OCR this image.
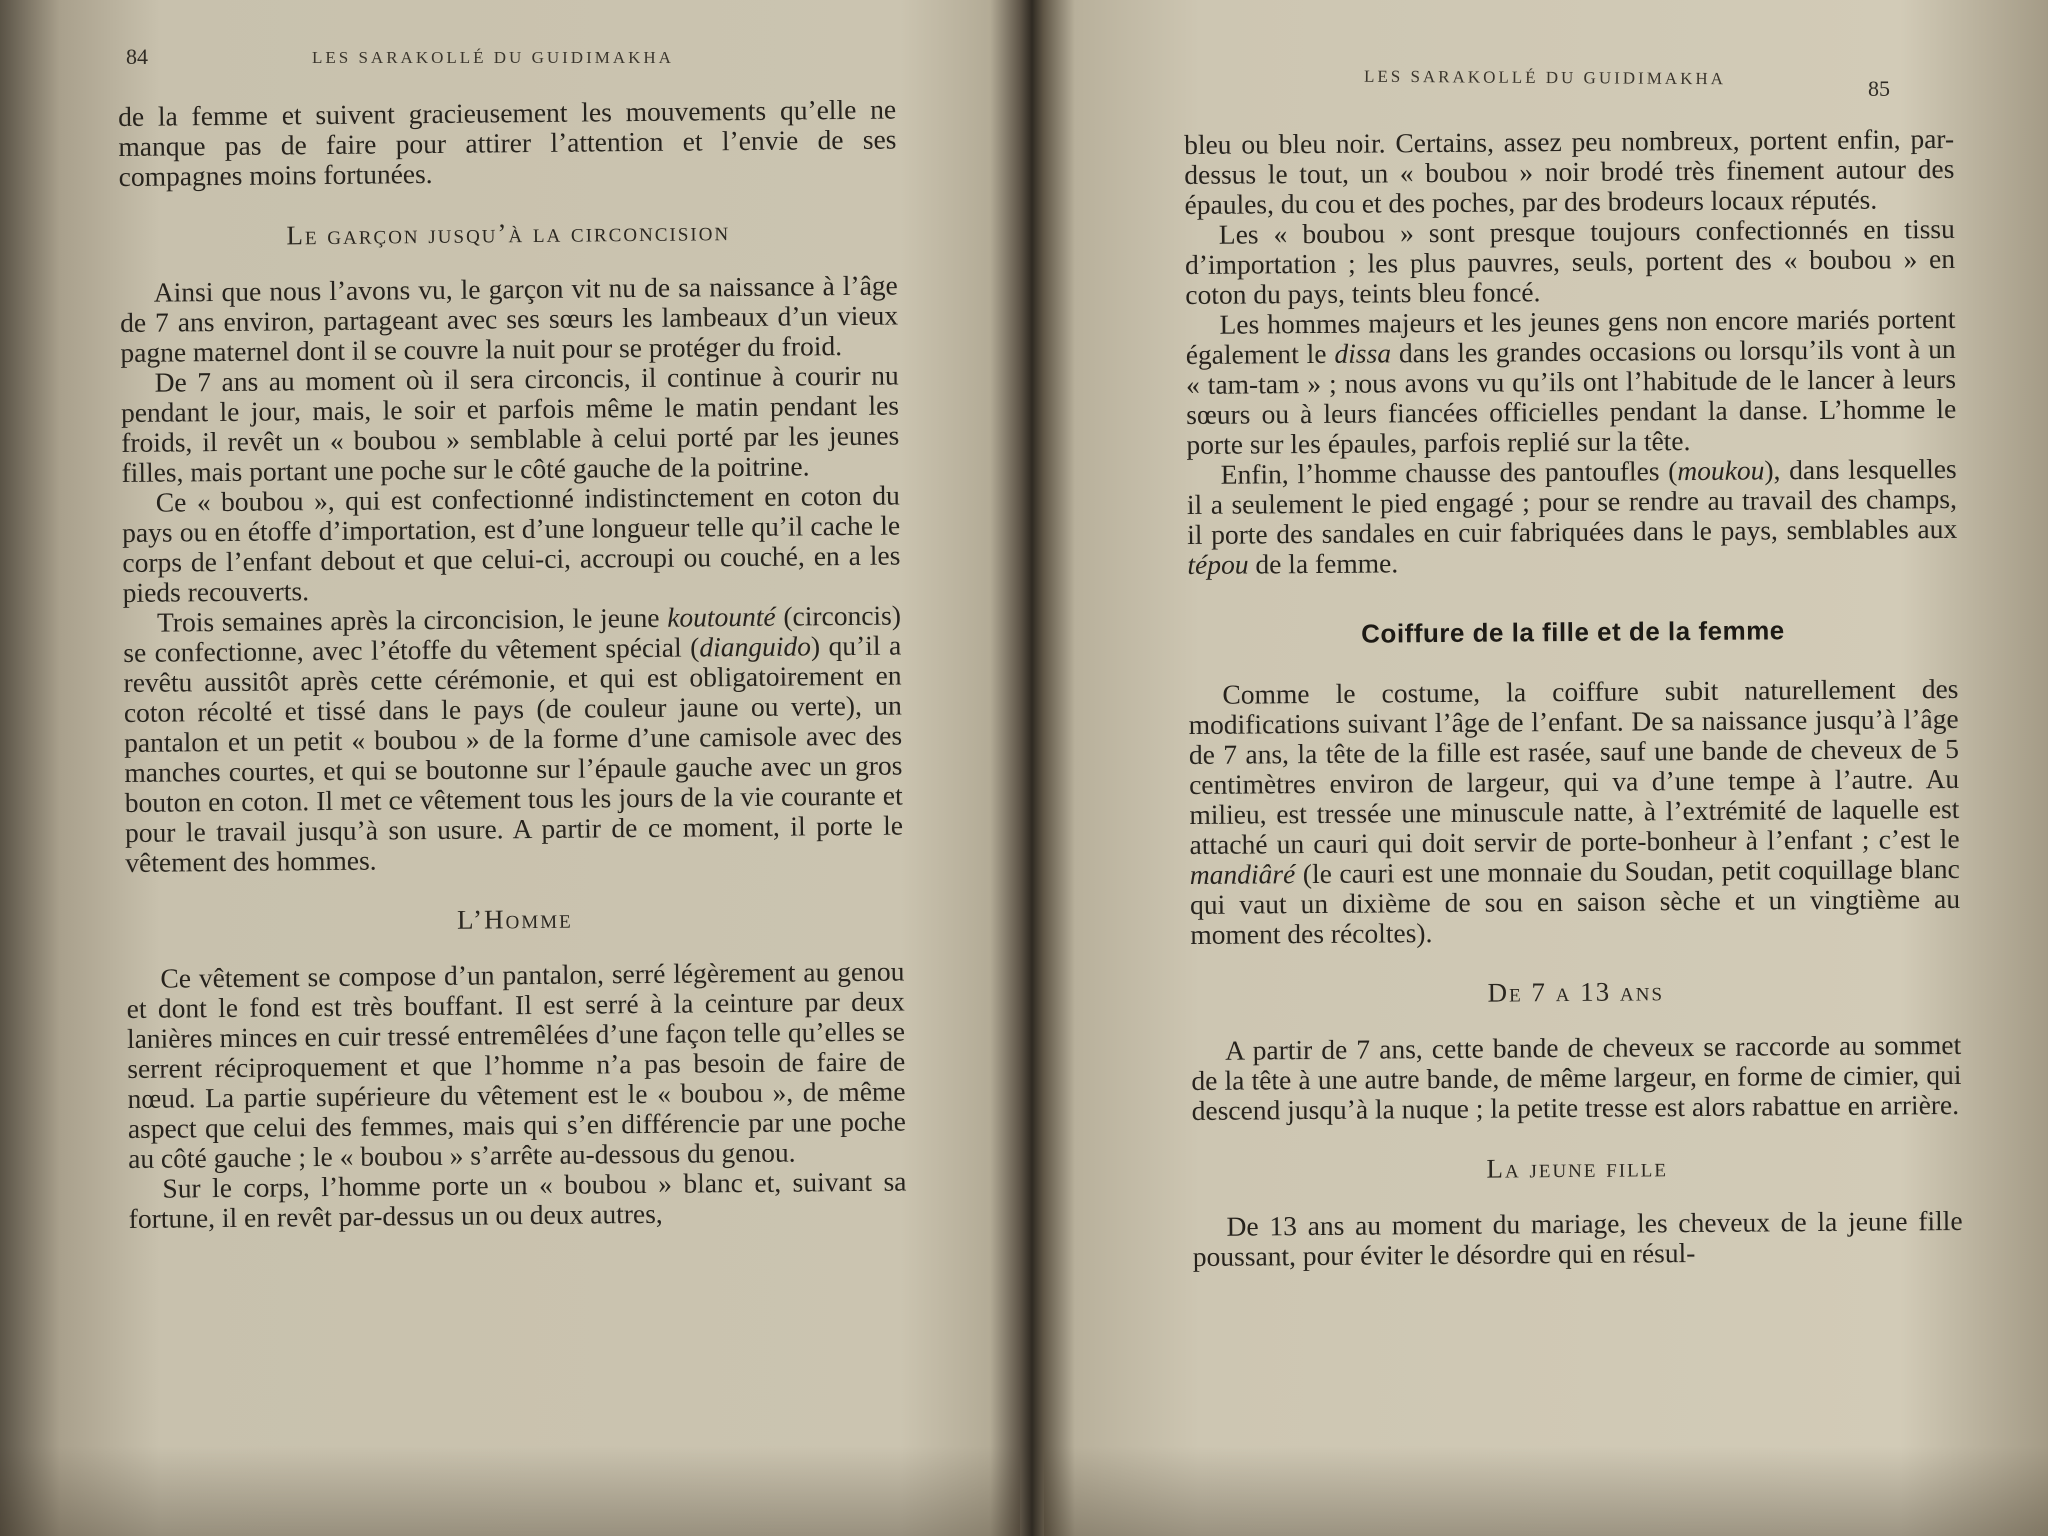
84	LES SARAKOLLÉ DU GUIDIMAKHA

de la femme et suivent gracieusement les mouvements qu’elle ne manque pas de faire pour attirer l’attention et l’envie de ses compagnes moins fortunées.

Le garçon jusqu’à la circoncision

Ainsi que nous l’avons vu, le garçon vit nu de sa naissance à l’âge de 7 ans environ, partageant avec ses sœurs les lambeaux d’un vieux pagne maternel dont il se couvre la nuit pour se protéger du froid.

De 7 ans au moment où il sera circoncis, il continue à courir nu pendant le jour, mais, le soir et parfois même le matin pendant les froids, il revêt un « boubou » semblable à celui porté par les jeunes filles, mais portant une poche sur le côté gauche de la poitrine.

Ce « boubou », qui est confectionné indistinctement en coton du pays ou en étoffe d’importation, est d’une longueur telle qu’il cache le corps de l’enfant debout et que celui-ci, accroupi ou couché, en a les pieds recouverts.

Trois semaines après la circoncision, le jeune koutounté (circoncis) se confectionne, avec l’étoffe du vêtement spécial (dianguido) qu’il a revêtu aussitôt après cette cérémonie, et qui est obligatoirement en coton récolté et tissé dans le pays (de couleur jaune ou verte), un pantalon et un petit « boubou » de la forme d’une camisole avec des manches courtes, et qui se boutonne sur l’épaule gauche avec un gros bouton en coton. Il met ce vêtement tous les jours de la vie courante et pour le travail jusqu’à son usure. A partir de ce moment, il porte le vêtement des hommes.

L’Homme

Ce vêtement se compose d’un pantalon, serré légèrement au genou et dont le fond est très bouffant. Il est serré à la ceinture par deux lanières minces en cuir tressé entremêlées d’une façon telle qu’elles se serrent réciproquement et que l’homme n’a pas besoin de faire de nœud. La partie supérieure du vêtement est le « boubou », de même aspect que celui des femmes, mais qui s’en différencie par une poche au côté gauche ; le « boubou » s’arrête au-dessous du genou.

Sur le corps, l’homme porte un « boubou » blanc et, suivant sa fortune, il en revêt par-dessus un ou deux autres,

LES SARAKOLLÉ DU GUIDIMAKHA	85

bleu ou bleu noir. Certains, assez peu nombreux, portent enfin, par-dessus le tout, un « boubou » noir brodé très finement autour des épaules, du cou et des poches, par des brodeurs locaux réputés.

Les « boubou » sont presque toujours confectionnés en tissu d’importation ; les plus pauvres, seuls, portent des « boubou » en coton du pays, teints bleu foncé.

Les hommes majeurs et les jeunes gens non encore mariés portent également le dissa dans les grandes occasions ou lorsqu’ils vont à un « tam-tam » ; nous avons vu qu’ils ont l’habitude de le lancer à leurs sœurs ou à leurs fiancées officielles pendant la danse. L’homme le porte sur les épaules, parfois replié sur la tête.

Enfin, l’homme chausse des pantoufles (moukou), dans lesquelles il a seulement le pied engagé ; pour se rendre au travail des champs, il porte des sandales en cuir fabriquées dans le pays, semblables aux tépou de la femme.

Coiffure de la fille et de la femme

Comme le costume, la coiffure subit naturellement des modifications suivant l’âge de l’enfant. De sa naissance jusqu’à l’âge de 7 ans, la tête de la fille est rasée, sauf une bande de cheveux de 5 centimètres environ de largeur, qui va d’une tempe à l’autre. Au milieu, est tressée une minuscule natte, à l’extrémité de laquelle est attaché un cauri qui doit servir de porte-bonheur à l’enfant ; c’est le mandiâré (le cauri est une monnaie du Soudan, petit coquillage blanc qui vaut un dixième de sou en saison sèche et un vingtième au moment des récoltes).

De 7 a 13 ans

A partir de 7 ans, cette bande de cheveux se raccorde au sommet de la tête à une autre bande, de même largeur, en forme de cimier, qui descend jusqu’à la nuque ; la petite tresse est alors rabattue en arrière.

La jeune fille

De 13 ans au moment du mariage, les cheveux de la jeune fille poussant, pour éviter le désordre qui en résul-
